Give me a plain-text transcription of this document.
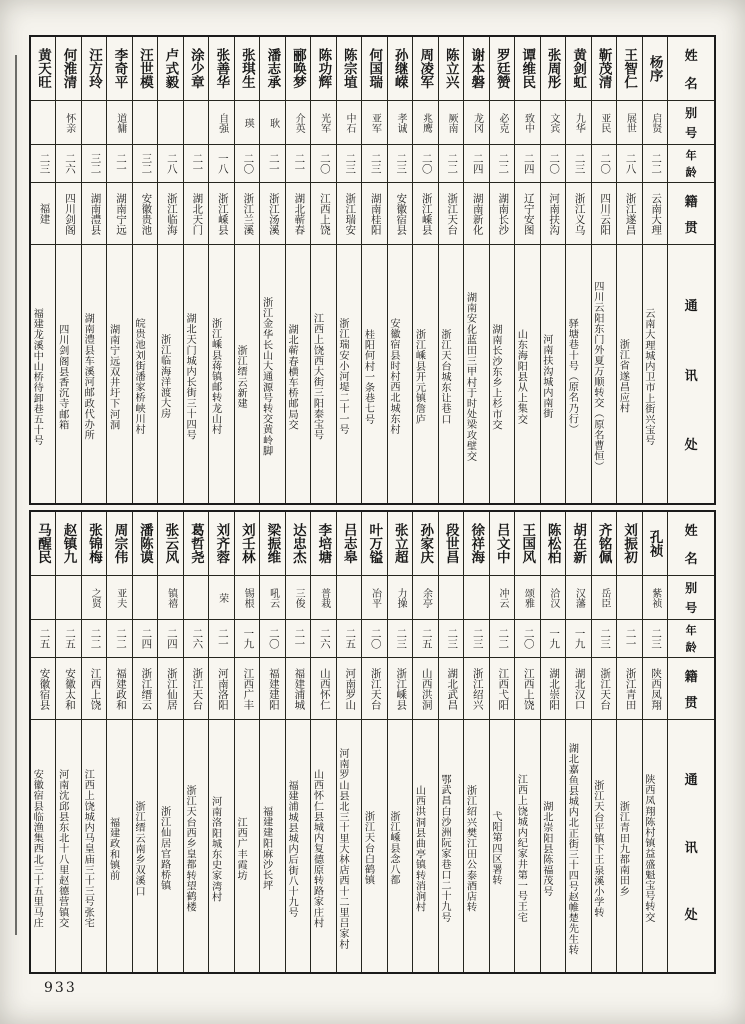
黄天旺
二三
福建
福建龙溪中山桥待卸巷五十号
何淮清
怀亲
二六
四川剑阁
四川剑阁县香沉寺邮箱
汪方玲
三二
湖南澧县
湖南澧县车溪河邮政代办所
李奇平
道傭
二一
湖南宁远
湖南宁远双井圩下河洞
汪世模
三二
安徽贵池
皖贵池刘街潘家桥峡川村
卢式毅
二八
浙江临海
浙江临海洋渡大房
涂少章
二一
湖北天门
湖北天门城内长街三十四号
张善华
自强
一八
浙江嵊县
浙江嵊县蒋镇邮转龙山村
张琪生
瑛
二〇
浙江兰溪
浙江缙云新建
潘志承
耿
二一
浙江汤溪
浙江金华长山大通源号转交黄岭脚
郦唤梦
介英
二一
湖北蕲春
湖北蕲春横车桥邮局交
陈功辉
光军
二〇
江西上饶
江西上饶西大街三阳泰宝号
陈宗埴
中石
二三
浙江瑞安
浙江瑞安小河堤二十一号
何国瑞
亚军
二三
湖南桂阳
桂阳何村一条巷七号
孙继嵘
孝诚
二三
安徽宿县
安徽宿县时村西北城东村
周凌军
兆鹰
二〇
浙江嵊县
浙江嵊县开元镇詹庐
陈立兴
厥南
二二
浙江天台
浙江天台城东让巷口
谢本磐
龙冈
二四
湖南新化
湖南安化蓝田三甲村于时处梁攻壁交
罗廷赞
必克
二二
湖南长沙
湖南长沙东乡上杉市交
谭维民
致中
二四
辽宁安图
山东海阳县从上集交
张周彤
文宾
二〇
河南扶沟
河南扶沟城内南街
黄剑虹
九华
二三
浙江义乌
驿塘巷十号（原名乃行）
靳茂清
亚民
二〇
四川云阳
四川云阳东门外夏万顺转交（原名曹恒）
王智仁
展世
二八
浙江遂昌
浙江省遂昌应村
杨序
启贤
二二
云南大理
云南大理城内卫市上街兴宝号
姓
名
别
号
年
龄
籍
贯
通
讯
处
马醒民
二五
安徽宿县
安徽宿县临渔集西北三十五里马庄
赵镇九
二五
安徽太和
河南沈邱县东北十八里赵德营镇交
张锦梅
之贤
二二
江西上饶
江西上饶城内马皇庙三十三号张宅
周宗伟
亚夫
二二
福建政和
福建政和镇前
潘陈谟
二四
浙江缙云
浙江缙云南乡双溪口
张云风
镇禧
二四
浙江仙居
浙江仙居官路桥镇
葛哲尧
二六
浙江天台
浙江天台西乡皇都转望鹤楼
刘齐蓉
荣
二一
河南洛阳
河南洛阳城东史家湾村
刘壬林
锡根
一九
江西广丰
江西广丰霞坊
梁振维
吼云
二〇
福建建阳
福建建阳麻沙长坪
达忠杰
三俊
二一
福建浦城
福建浦城县城内后街八十九号
李培塘
普栽
二六
山西怀仁
山西怀仁县城内复德原转路家庄村
吕志皋
二五
河南罗山
河南罗山县北三十里大林店西十二里吕家村
叶万镒
冶平
二〇
浙江天台
浙江天台白鹤镇
张立超
力操
二三
浙江嵊县
浙江嵊县念八都
孙家庆
余亭
二五
山西洪洞
山西洪洞县曲亭镇转消涧村
段世昌
二三
湖北武昌
鄂武昌白沙洲阮家巷口二十九号
徐祥海
二三
浙江绍兴
浙江绍兴樊江田公泰酒店转
吕文中
冲云
二二
江西弋阳
弋阳第四区署转
王国风
颂雅
二〇
江西上饶
江西上饶城内纪家井第一号王宅
陈松柏
洽汉
一九
湖北崇阳
湖北崇阳县陈福茂号
胡在新
汉藩
一九
湖北汉口
湖北嘉鱼县城内北正街三十四号赵帷楚先生转
齐铭佩
岳臣
二三
浙江天台
浙江天台平镇下王泉溪小学转
刘振初
二一
浙江青田
浙江青田九都南田乡
孔祯
紫祯
二三
陕西凤翔
陕西凤翔陈村镇益盛魁宝号转交
姓
名
别
号
年
龄
籍
贯
通
讯
处
933
